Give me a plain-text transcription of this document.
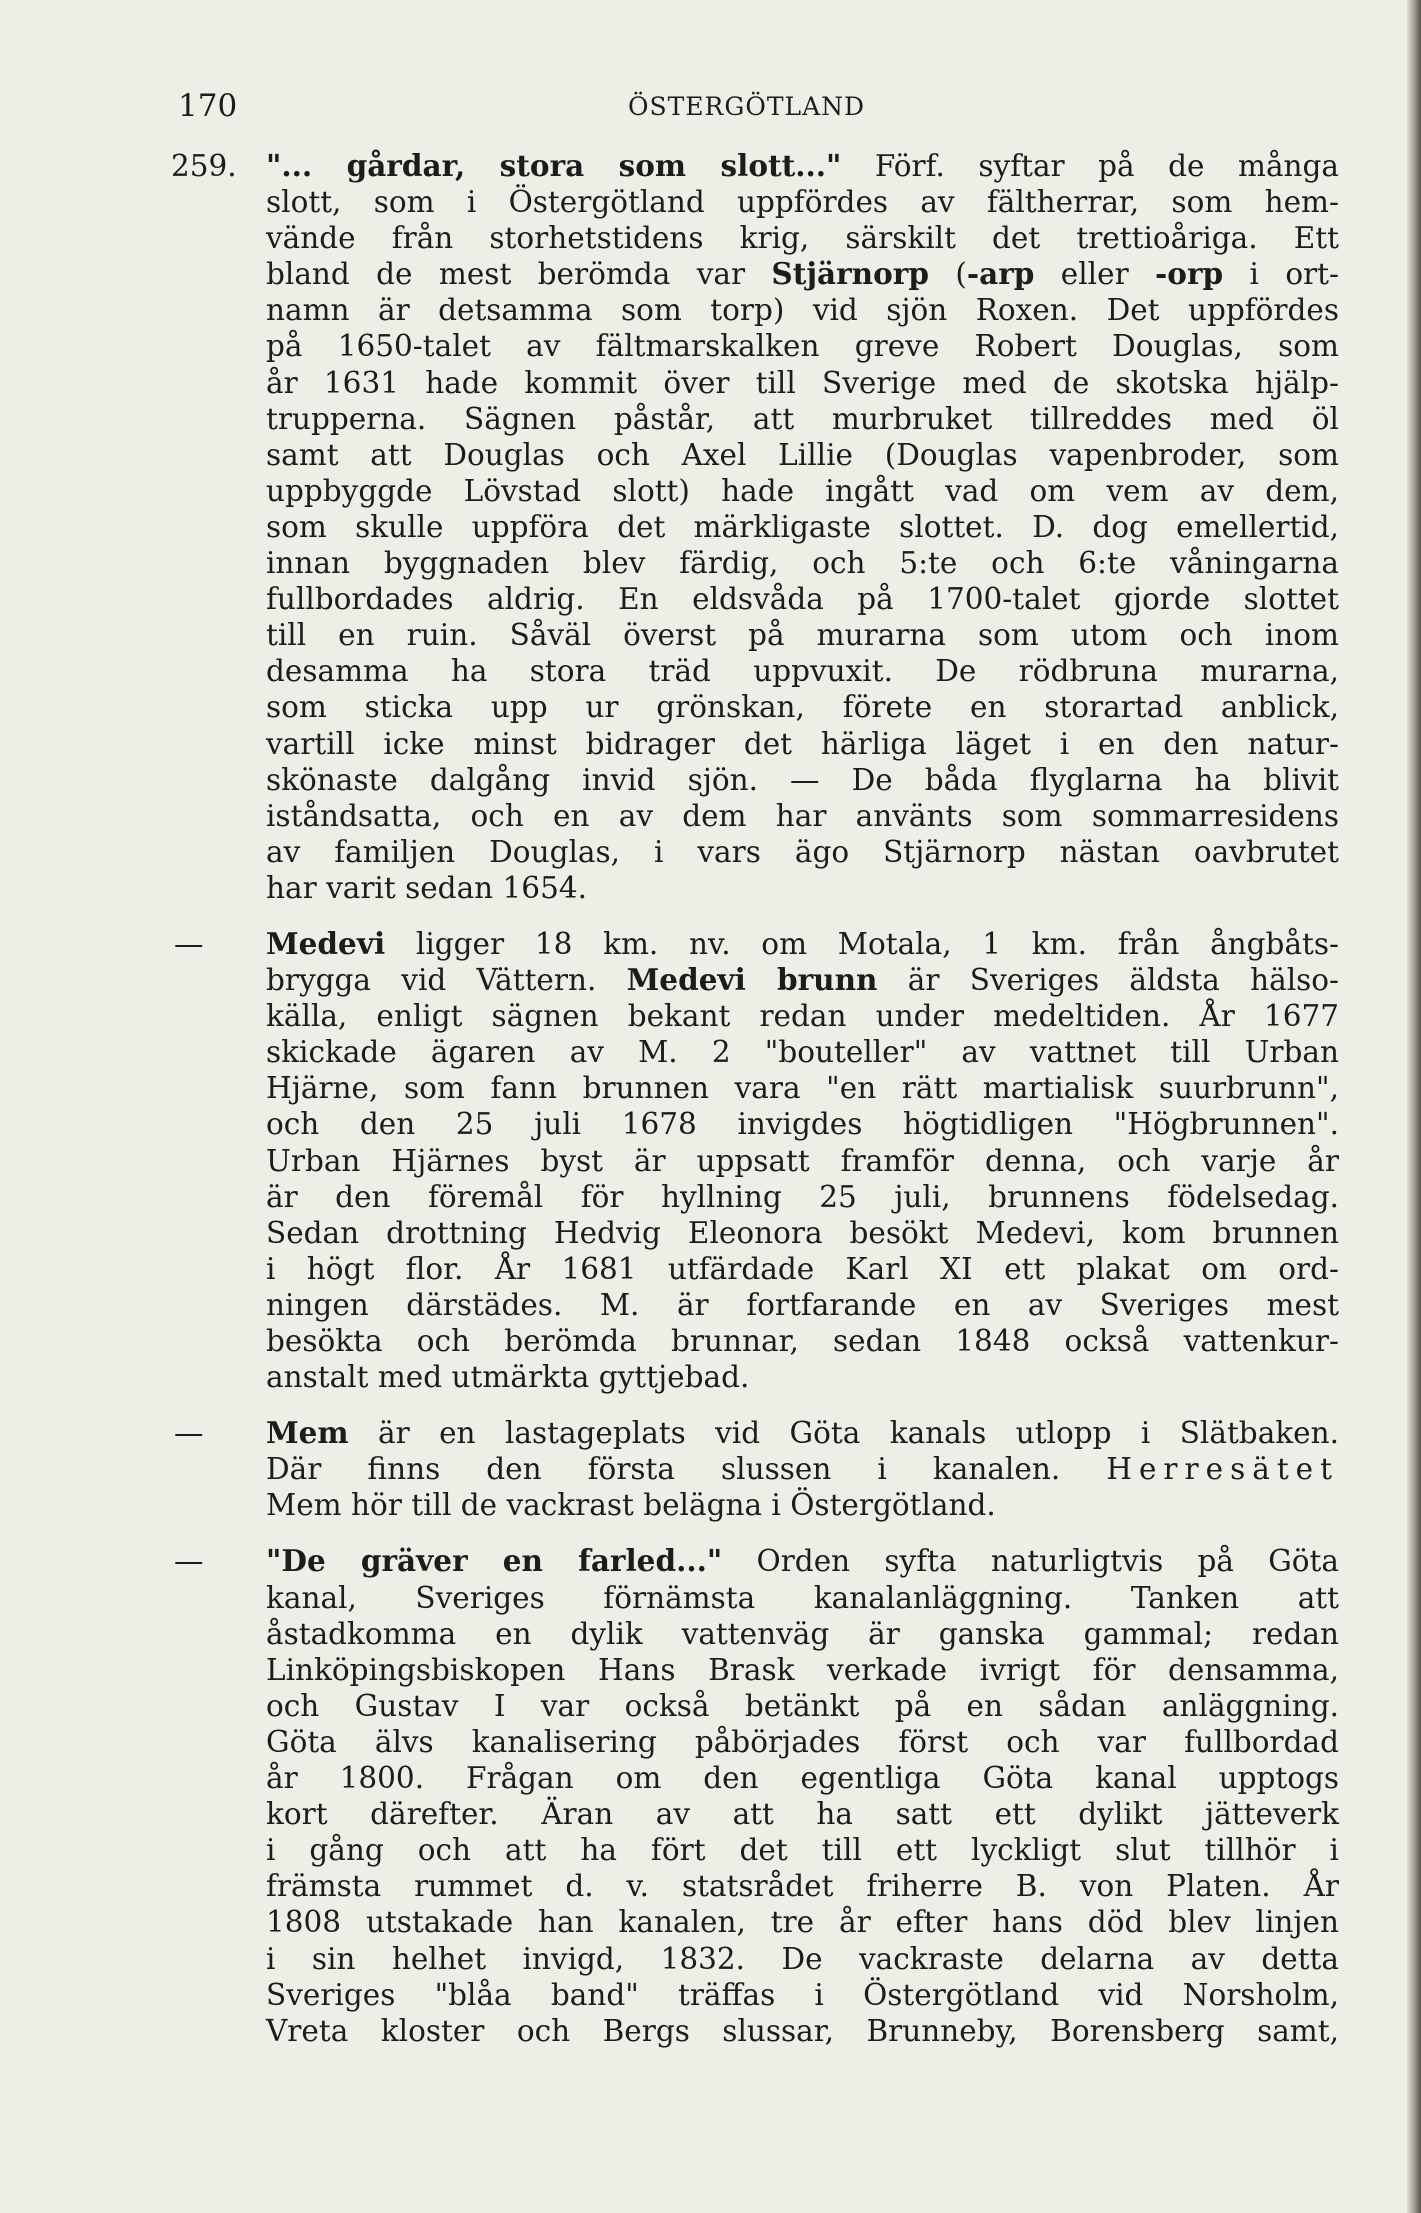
170	ÖSTERGÖTLAND
259. "... gårdar, stora som slott..." Förf. syftar på de många
slott, som i Östergötland uppfördes av fältherrar, som hem-
vände från storhetstidens krig, särskilt det trettioåriga. Ett
bland de mest berömda var Stjärnorp (-arp eller -orp i ort-
namn är detsamma som torp) vid sjön Roxen. Det uppfördes
på 1650-talet av fältmarskalken greve Robert Douglas, som
år 1631 hade kommit över till Sverige med de skotska hjälp-
trupperna. Sägnen påstår, att murbruket tillreddes med öl
samt att Douglas och Axel Lillie (Douglas vapenbroder, som
uppbyggde Lövstad slott) hade ingått vad om vem av dem,
som skulle uppföra det märkligaste slottet. D. dog emellertid,
innan byggnaden blev färdig, och 5:te och 6:te våningarna
fullbordades aldrig. En eldsvåda på 1700-talet gjorde slottet
till en ruin. Såväl överst på murarna som utom och inom
desamma ha stora träd uppvuxit. De rödbruna murarna,
som sticka upp ur grönskan, förete en storartad anblick,
vartill icke minst bidrager det härliga läget i en den natur-
skönaste dalgång invid sjön. — De båda flyglarna ha blivit
iståndsatta, och en av dem har använts som sommarresidens
av familjen Douglas, i vars ägo Stjärnorp nästan oavbrutet
har varit sedan 1654.
—	Medevi ligger 18 km. nv. om Motala, 1 km. från ångbåts-
brygga vid Vättern. Medevi brunn är Sveriges äldsta hälso-
källa, enligt sägnen bekant redan under medeltiden. År 1677
skickade ägaren av M. 2 "bouteller" av vattnet till Urban
Hjärne, som fann brunnen vara "en rätt martialisk suurbrunn",
och den 25 juli 1678 invigdes högtidligen "Högbrunnen".
Urban Hjärnes byst är uppsatt framför denna, och varje år
är den föremål för hyllning 25 juli, brunnens födelsedag.
Sedan drottning Hedvig Eleonora besökt Medevi, kom brunnen
i högt flor. År 1681 utfärdade Karl XI ett plakat om ord-
ningen därstädes. M. är fortfarande en av Sveriges mest
besökta och berömda brunnar, sedan 1848 också vattenkur-
anstalt med utmärkta gyttjebad.
—	Mem är en lastageplats vid Göta kanals utlopp i Slätbaken.
Där finns den första slussen i kanalen. Herresätet
Mem hör till de vackrast belägna i Östergötland.
—	"De gräver en farled..." Orden syfta naturligtvis på Göta
kanal, Sveriges förnämsta kanalanläggning. Tanken att
åstadkomma en dylik vattenväg är ganska gammal; redan
Linköpingsbiskopen Hans Brask verkade ivrigt för densamma,
och Gustav I var också betänkt på en sådan anläggning.
Göta älvs kanalisering påbörjades först och var fullbordad
år 1800. Frågan om den egentliga Göta kanal upptogs
kort därefter. Äran av att ha satt ett dylikt jätteverk
i gång och att ha fört det till ett lyckligt slut tillhör i
främsta rummet d. v. statsrådet friherre B. von Platen. År
1808 utstakade han kanalen, tre år efter hans död blev linjen
i sin helhet invigd, 1832. De vackraste delarna av detta
Sveriges "blåa band" träffas i Östergötland vid Norsholm,
Vreta kloster och Bergs slussar, Brunneby, Borensberg samt,
